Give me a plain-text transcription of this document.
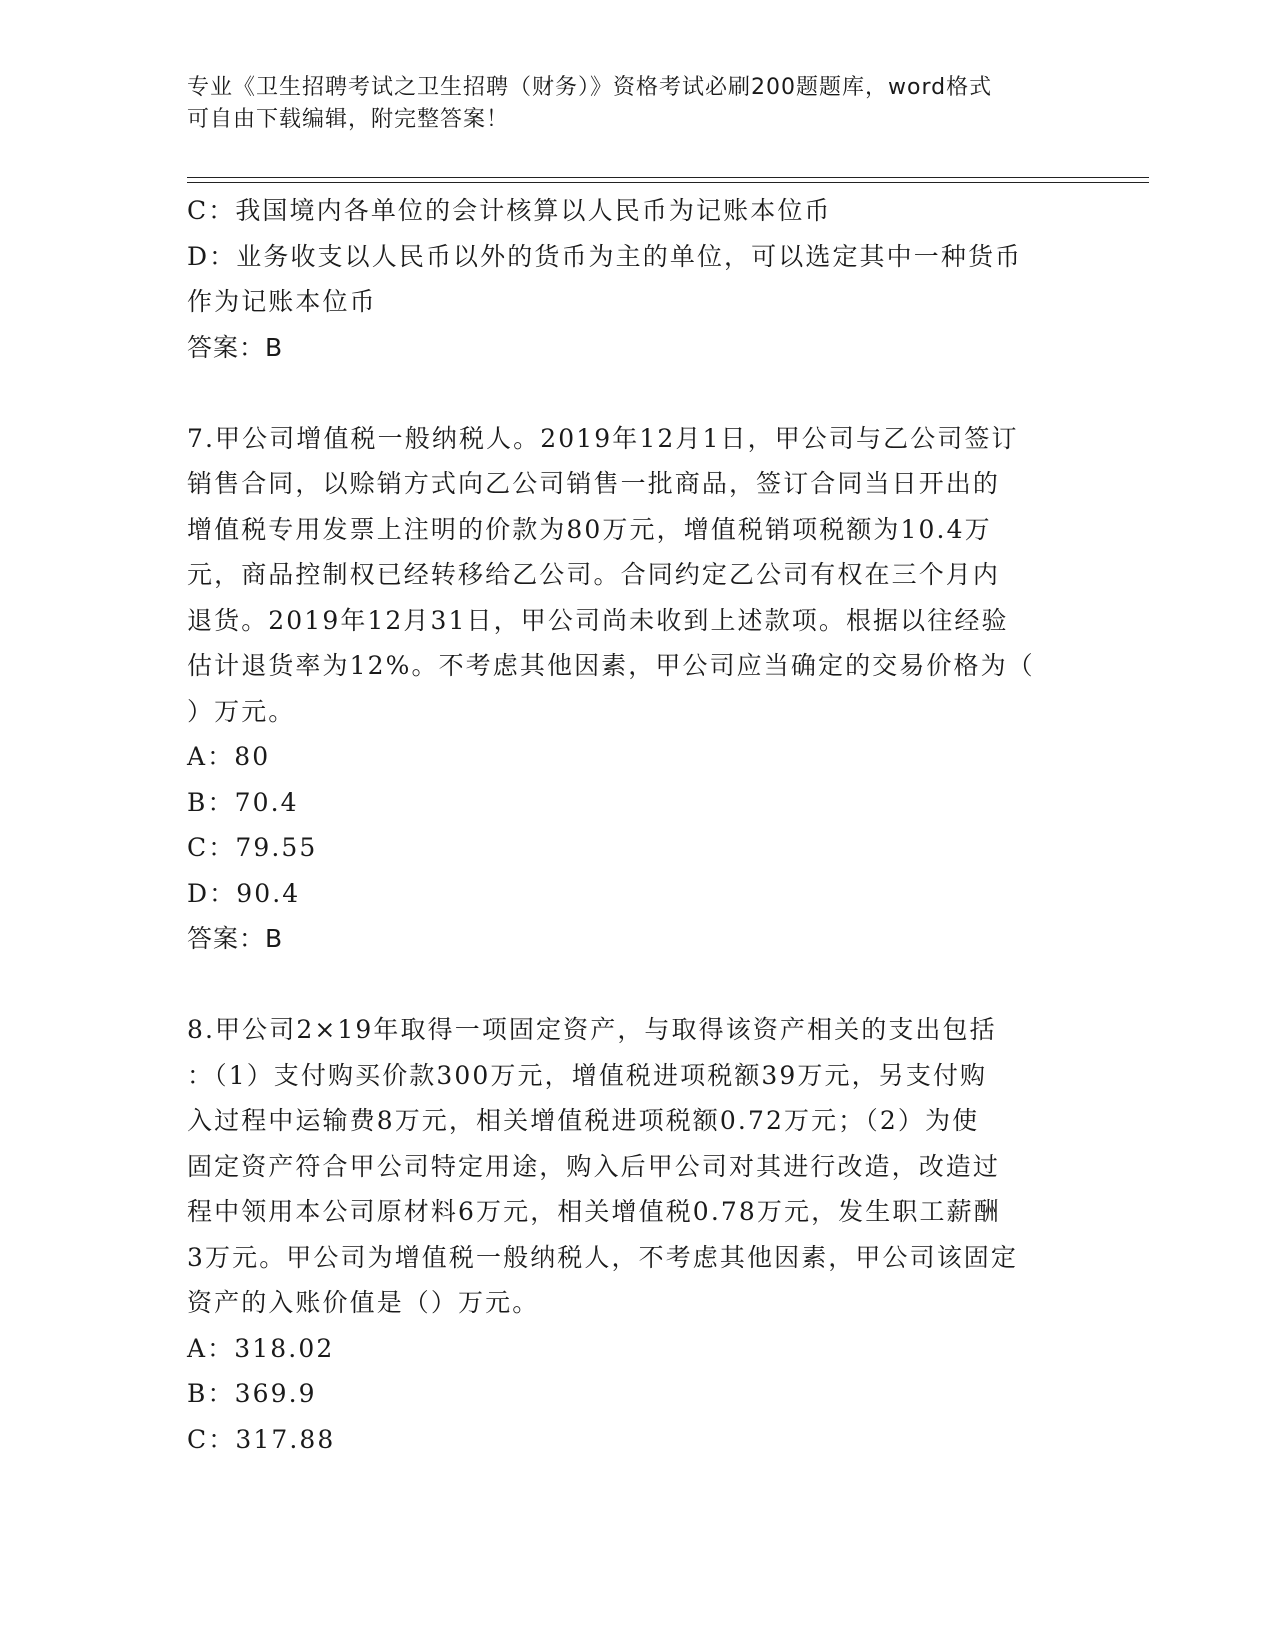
专业《卫生招聘考试之卫生招聘（财务）》资格考试必刷200题题库，word格式
可自由下载编辑，附完整答案！
C：我国境内各单位的会计核算以人民币为记账本位币
D：业务收支以人民币以外的货币为主的单位，可以选定其中一种货币
作为记账本位币
答案：B
7.甲公司增值税一般纳税人。2019年12月1日，甲公司与乙公司签订
销售合同，以赊销方式向乙公司销售一批商品，签订合同当日开出的
增值税专用发票上注明的价款为80万元，增值税销项税额为10.4万
元，商品控制权已经转移给乙公司。合同约定乙公司有权在三个月内
退货。2019年12月31日，甲公司尚未收到上述款项。根据以往经验
估计退货率为12%。不考虑其他因素，甲公司应当确定的交易价格为（
）万元。
A：80
B：70.4
C：79.55
D：90.4
答案：B
8.甲公司2×19年取得一项固定资产，与取得该资产相关的支出包括
：（1）支付购买价款300万元，增值税进项税额39万元，另支付购
入过程中运输费8万元，相关增值税进项税额0.72万元；（2）为使
固定资产符合甲公司特定用途，购入后甲公司对其进行改造，改造过
程中领用本公司原材料6万元，相关增值税0.78万元，发生职工薪酬
3万元。甲公司为增值税一般纳税人，不考虑其他因素，甲公司该固定
资产的入账价值是（）万元。
A：318.02
B：369.9
C：317.88
